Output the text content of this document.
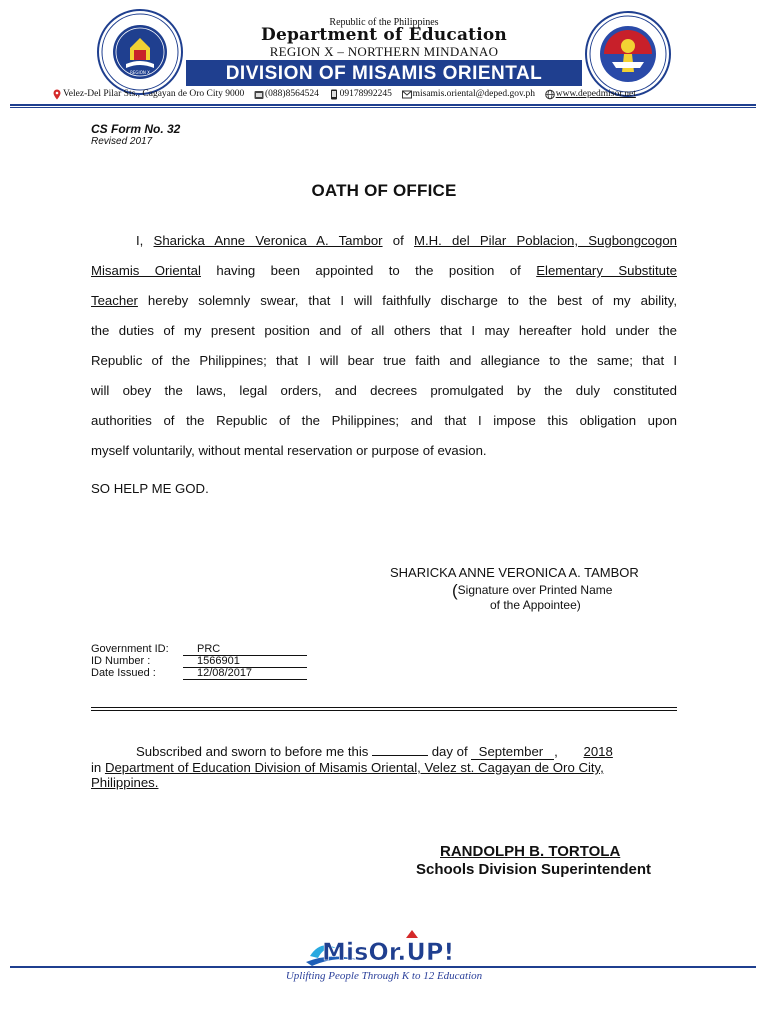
REGION X
Republic of the Philippines
Department of Education
REGION X – NORTHERN MINDANAO
DIVISION OF MISAMIS ORIENTAL
Velez-Del Pilar Sts., Cagayan de Oro City 9000 (088)8564524 09178992245 misamis.oriental@deped.gov.ph www.depedmisor.net
CS Form No. 32
Revised 2017
OATH OF OFFICE
I, Sharicka Anne Veronica A. Tambor of M.H. del Pilar Poblacion, Sugbongcogon
Misamis Oriental having been appointed to the position of Elementary Substitute
Teacher hereby solemnly swear, that I will faithfully discharge to the best of my ability,
the duties of my present position and of all others that I may hereafter hold under the
Republic of the Philippines; that I will bear true faith and allegiance to the same; that I
will obey the laws, legal orders, and decrees promulgated by the duly constituted
authorities of the Republic of the Philippines; and that I impose this obligation upon
myself voluntarily, without mental reservation or purpose of evasion.
SO HELP ME GOD.
SHARICKA ANNE VERONICA A. TAMBOR
(Signature over Printed Name
of the Appointee)
Government ID:	PRC
ID Number :	1566901
Date Issued :	12/08/2017
Subscribed and sworn to before me this	day of September , 2018
in Department of Education Division of Misamis Oriental, Velez st. Cagayan de Oro City,
Philippines.
RANDOLPH B. TORTOLA
Schools Division Superintendent
MisOr.UP!
Uplifting People Through K to 12 Education
